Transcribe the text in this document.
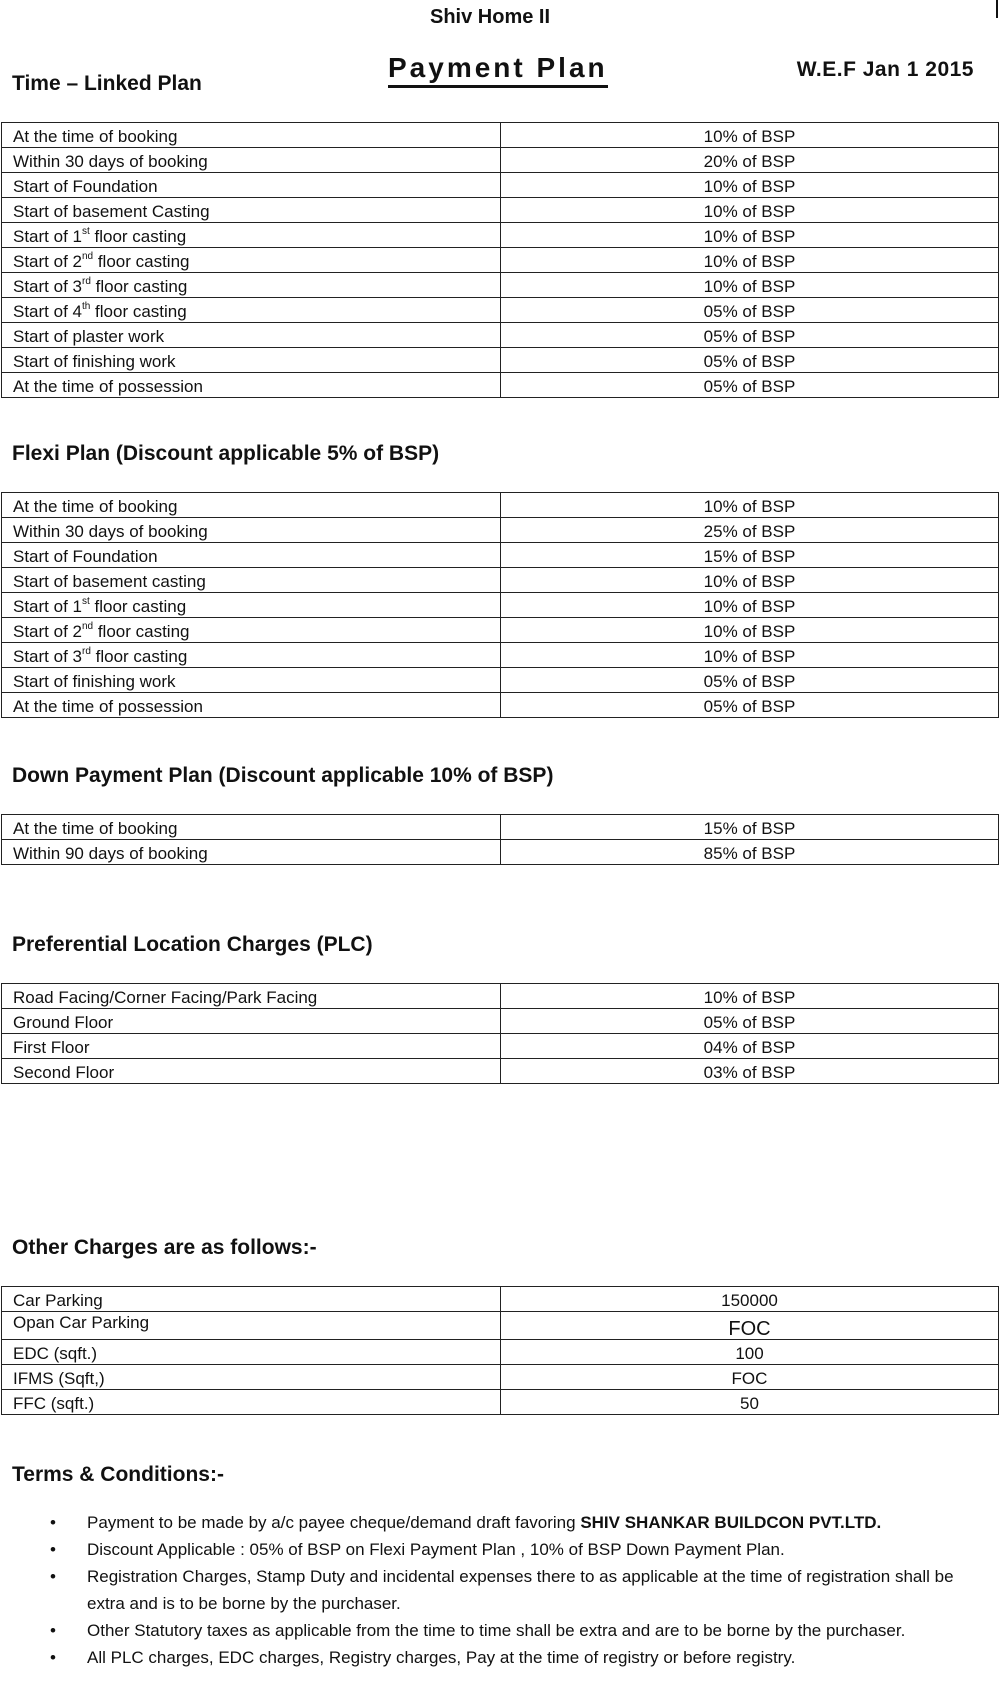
Shiv Home II
Payment Plan	W.E.F Jan 1 2015
Time – Linked Plan
At the time of booking	10% of BSP
Within 30 days of booking	20% of BSP
Start of Foundation	10% of BSP
Start of basement Casting	10% of BSP
Start of 1st floor casting	10% of BSP
Start of 2nd floor casting	10% of BSP
Start of 3rd floor casting	10% of BSP
Start of 4th floor casting	05% of BSP
Start of plaster work	05% of BSP
Start of finishing work	05% of BSP
At the time of possession	05% of BSP
Flexi Plan (Discount applicable 5% of BSP)
At the time of booking	10% of BSP
Within 30 days of booking	25% of BSP
Start of Foundation	15% of BSP
Start of basement casting	10% of BSP
Start of 1st floor casting	10% of BSP
Start of 2nd floor casting	10% of BSP
Start of 3rd floor casting	10% of BSP
Start of finishing work	05% of BSP
At the time of possession	05% of BSP
Down Payment Plan (Discount applicable 10% of BSP)
At the time of booking	15% of BSP
Within 90 days of booking	85% of BSP
Preferential Location Charges (PLC)
Road Facing/Corner Facing/Park Facing	10% of BSP
Ground Floor	05% of BSP
First Floor	04% of BSP
Second Floor	03% of BSP
Other Charges are as follows:-
Car Parking	150000
Opan Car Parking	FOC
EDC (sqft.)	100
IFMS (Sqft,)	FOC
FFC (sqft.)	50
Terms & Conditions:-
• Payment to be made by a/c payee cheque/demand draft favoring SHIV SHANKAR BUILDCON PVT.LTD.
• Discount Applicable : 05% of BSP on Flexi Payment Plan , 10% of BSP Down Payment Plan.
• Registration Charges, Stamp Duty and incidental expenses there to as applicable at the time of registration shall be extra and is to be borne by the purchaser.
• Other Statutory taxes as applicable from the time to time shall be extra and are to be borne by the purchaser.
• All PLC charges, EDC charges, Registry charges, Pay at the time of registry or before registry.
